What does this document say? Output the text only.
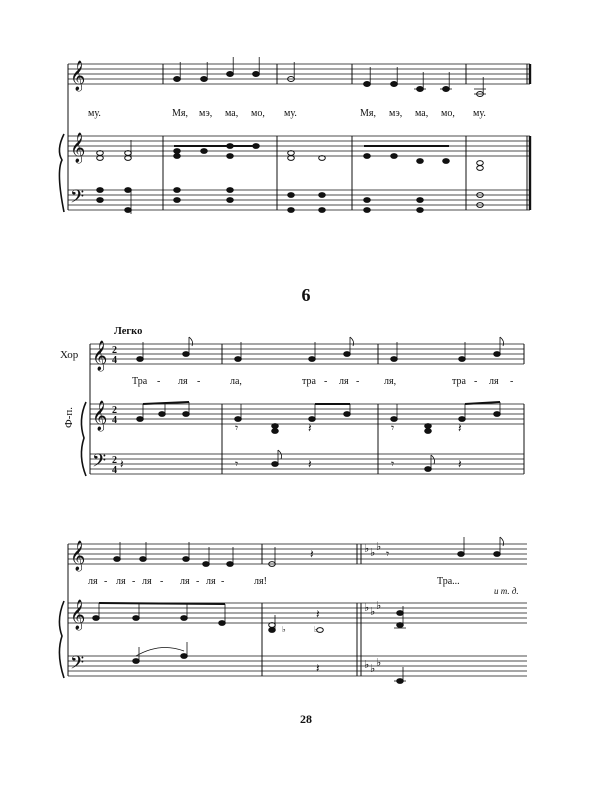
𝄞
𝄞
𝄢
му.	Мя, мэ, ма, мо, му.	Мя, мэ, ма, мо, му.
6
Легко
Хор
Ф-п.
𝄞
𝄞
𝄢
2
4
2
4
2
4
Тра - ля -	ла,	тра - ля - ля,	тра - ля -
𝄾	𝄽	𝄾	𝄽
𝄽	𝄾	𝄽	𝄾	𝄽
𝄞
𝄞
𝄢
♭ ♭ ♭
♭ ♭ ♭
♭ ♭ ♭
𝄽	𝄾
𝄽
𝄽
ля - ля - ля - ля - ля -	ля!	Тра...
и т. д.
♭	♭
28
